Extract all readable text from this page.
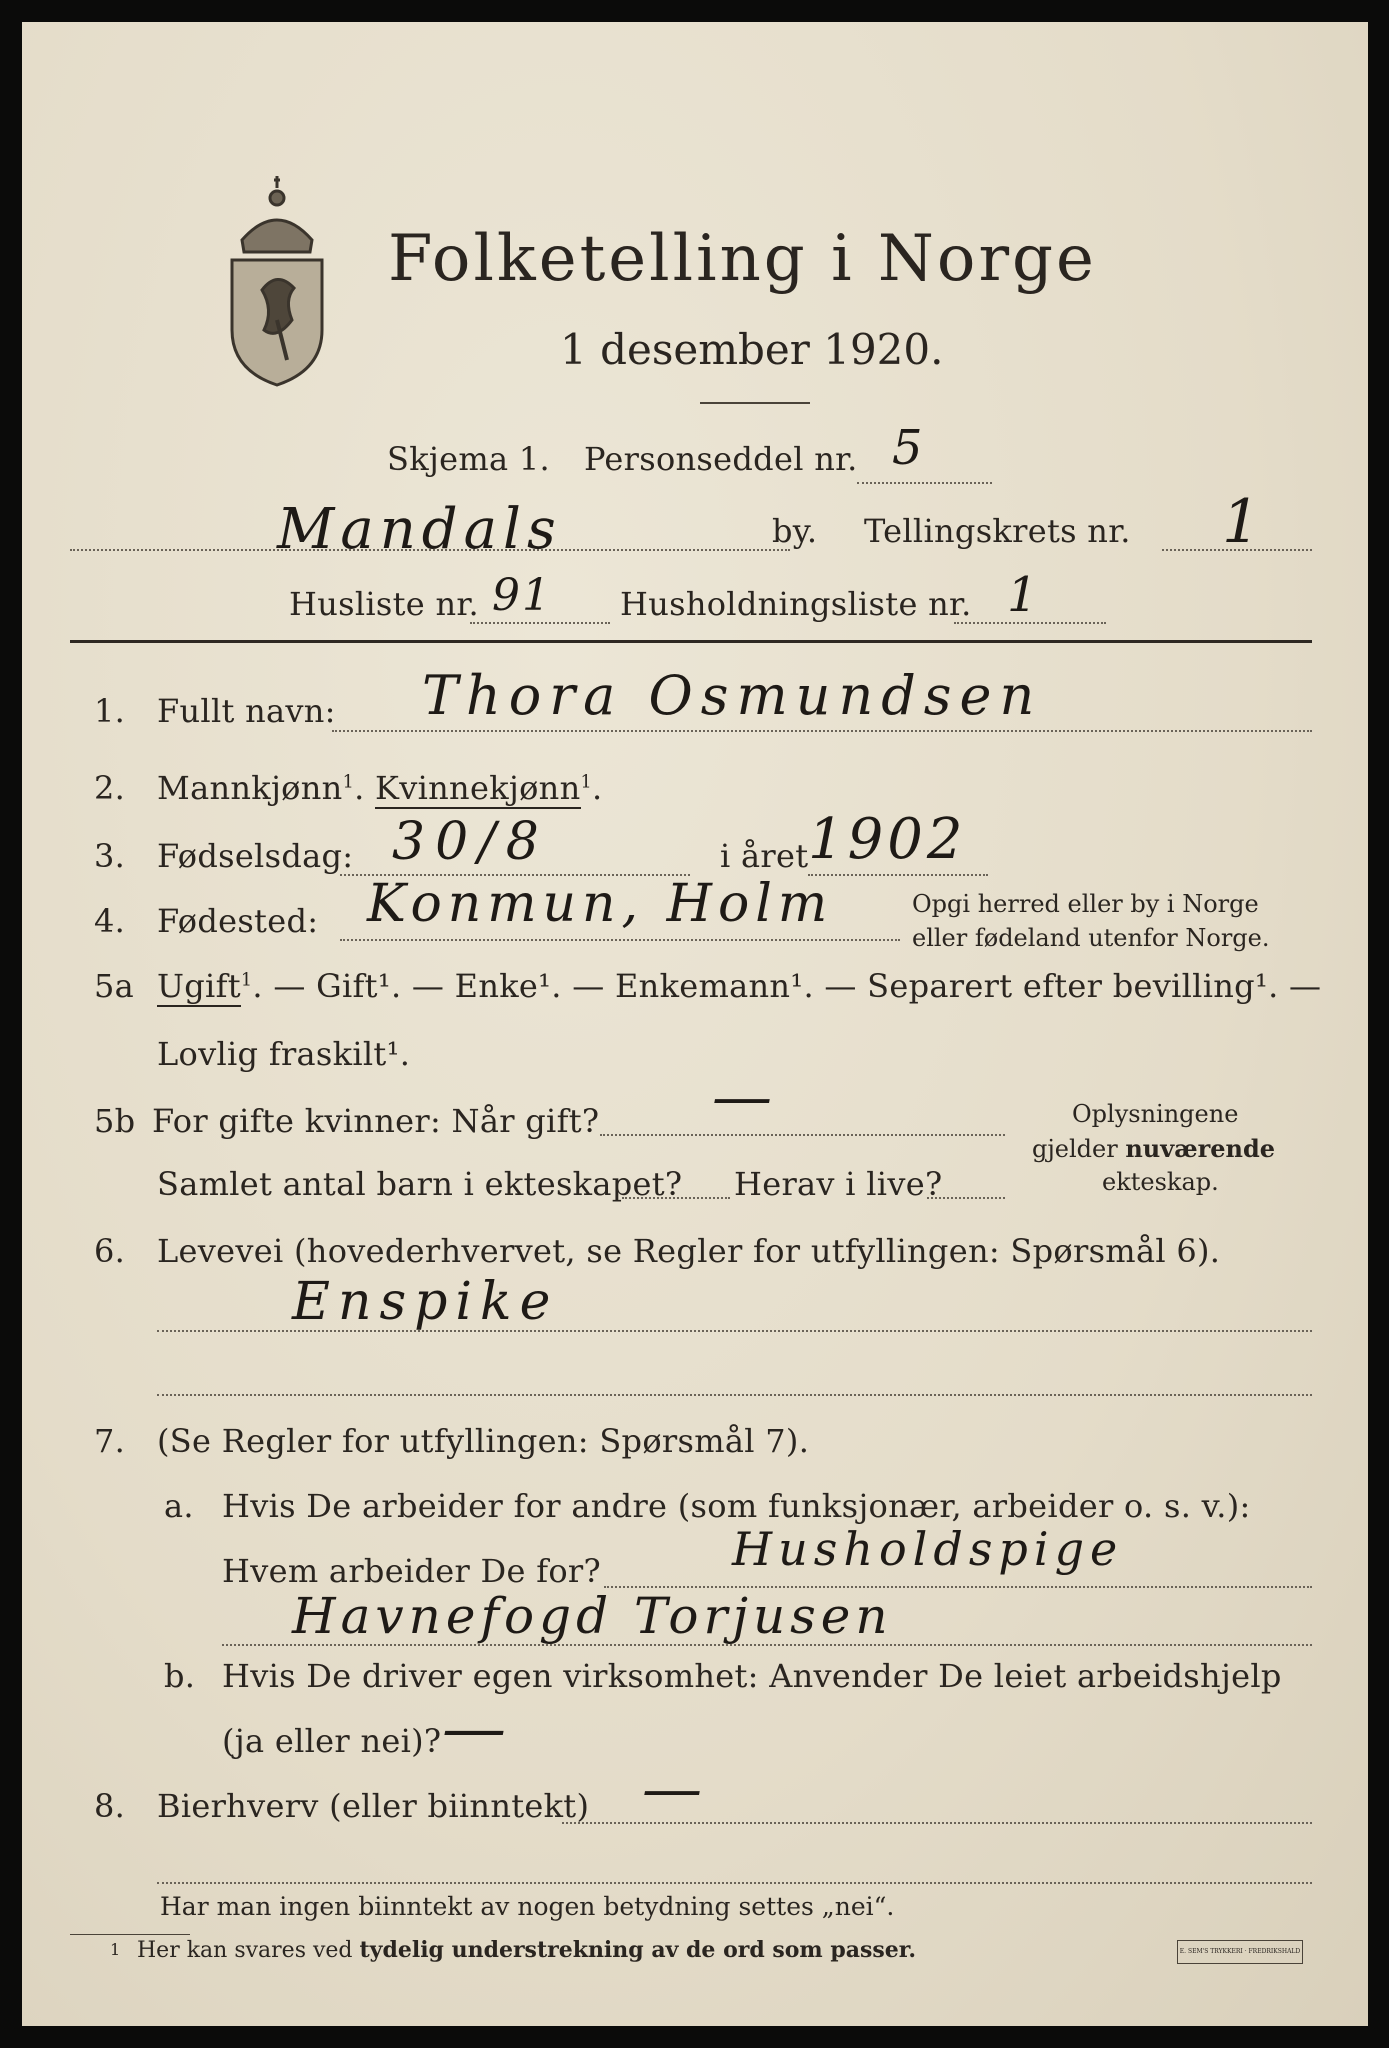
Folketelling i Norge
1 desember 1920.
Skjema 1. Personseddel nr. 5
Mandals	by. Tellingskrets nr. 1
Husliste nr. 91 Husholdningsliste nr. 1
1. Fullt navn: Thora Osmundsen
2. Mannkjønn$^1$. Kvinnekjønn$^1$.
3. Fødselsdag: 30/8	i året 1902
4. Fødested: Konmun, Holm	Opgi herred eller by i Norge
eller fødeland utenfor Norge.
5a Ugift$^1$. — Gift¹. — Enke¹. — Enkemann¹. — Separert efter bevilling¹. —
Lovlig fraskilt¹.
5b For gifte kvinner: Når gift? —
Samlet antal barn i ekteskapet? Herav i live?
Oplysningene
gjelder nuværende
ekteskap.
6. Levevei (hovederhvervet, se Regler for utfyllingen: Spørsmål 6).
Enspike
7. (Se Regler for utfyllingen: Spørsmål 7).
a. Hvis De arbeider for andre (som funksjonær, arbeider o. s. v.):
Hvem arbeider De for?	Husholdspige
Havnefogd Torjusen
b. Hvis De driver egen virksomhet: Anvender De leiet arbeidshjelp
(ja eller nei)? —
8. Bierhverv (eller biinntekt) —
Har man ingen biinntekt av nogen betydning settes „nei“.
1 Her kan svares ved tydelig understrekning av de ord som passer.	E. SEM'S TRYKKERI · FREDRIKSHALD
